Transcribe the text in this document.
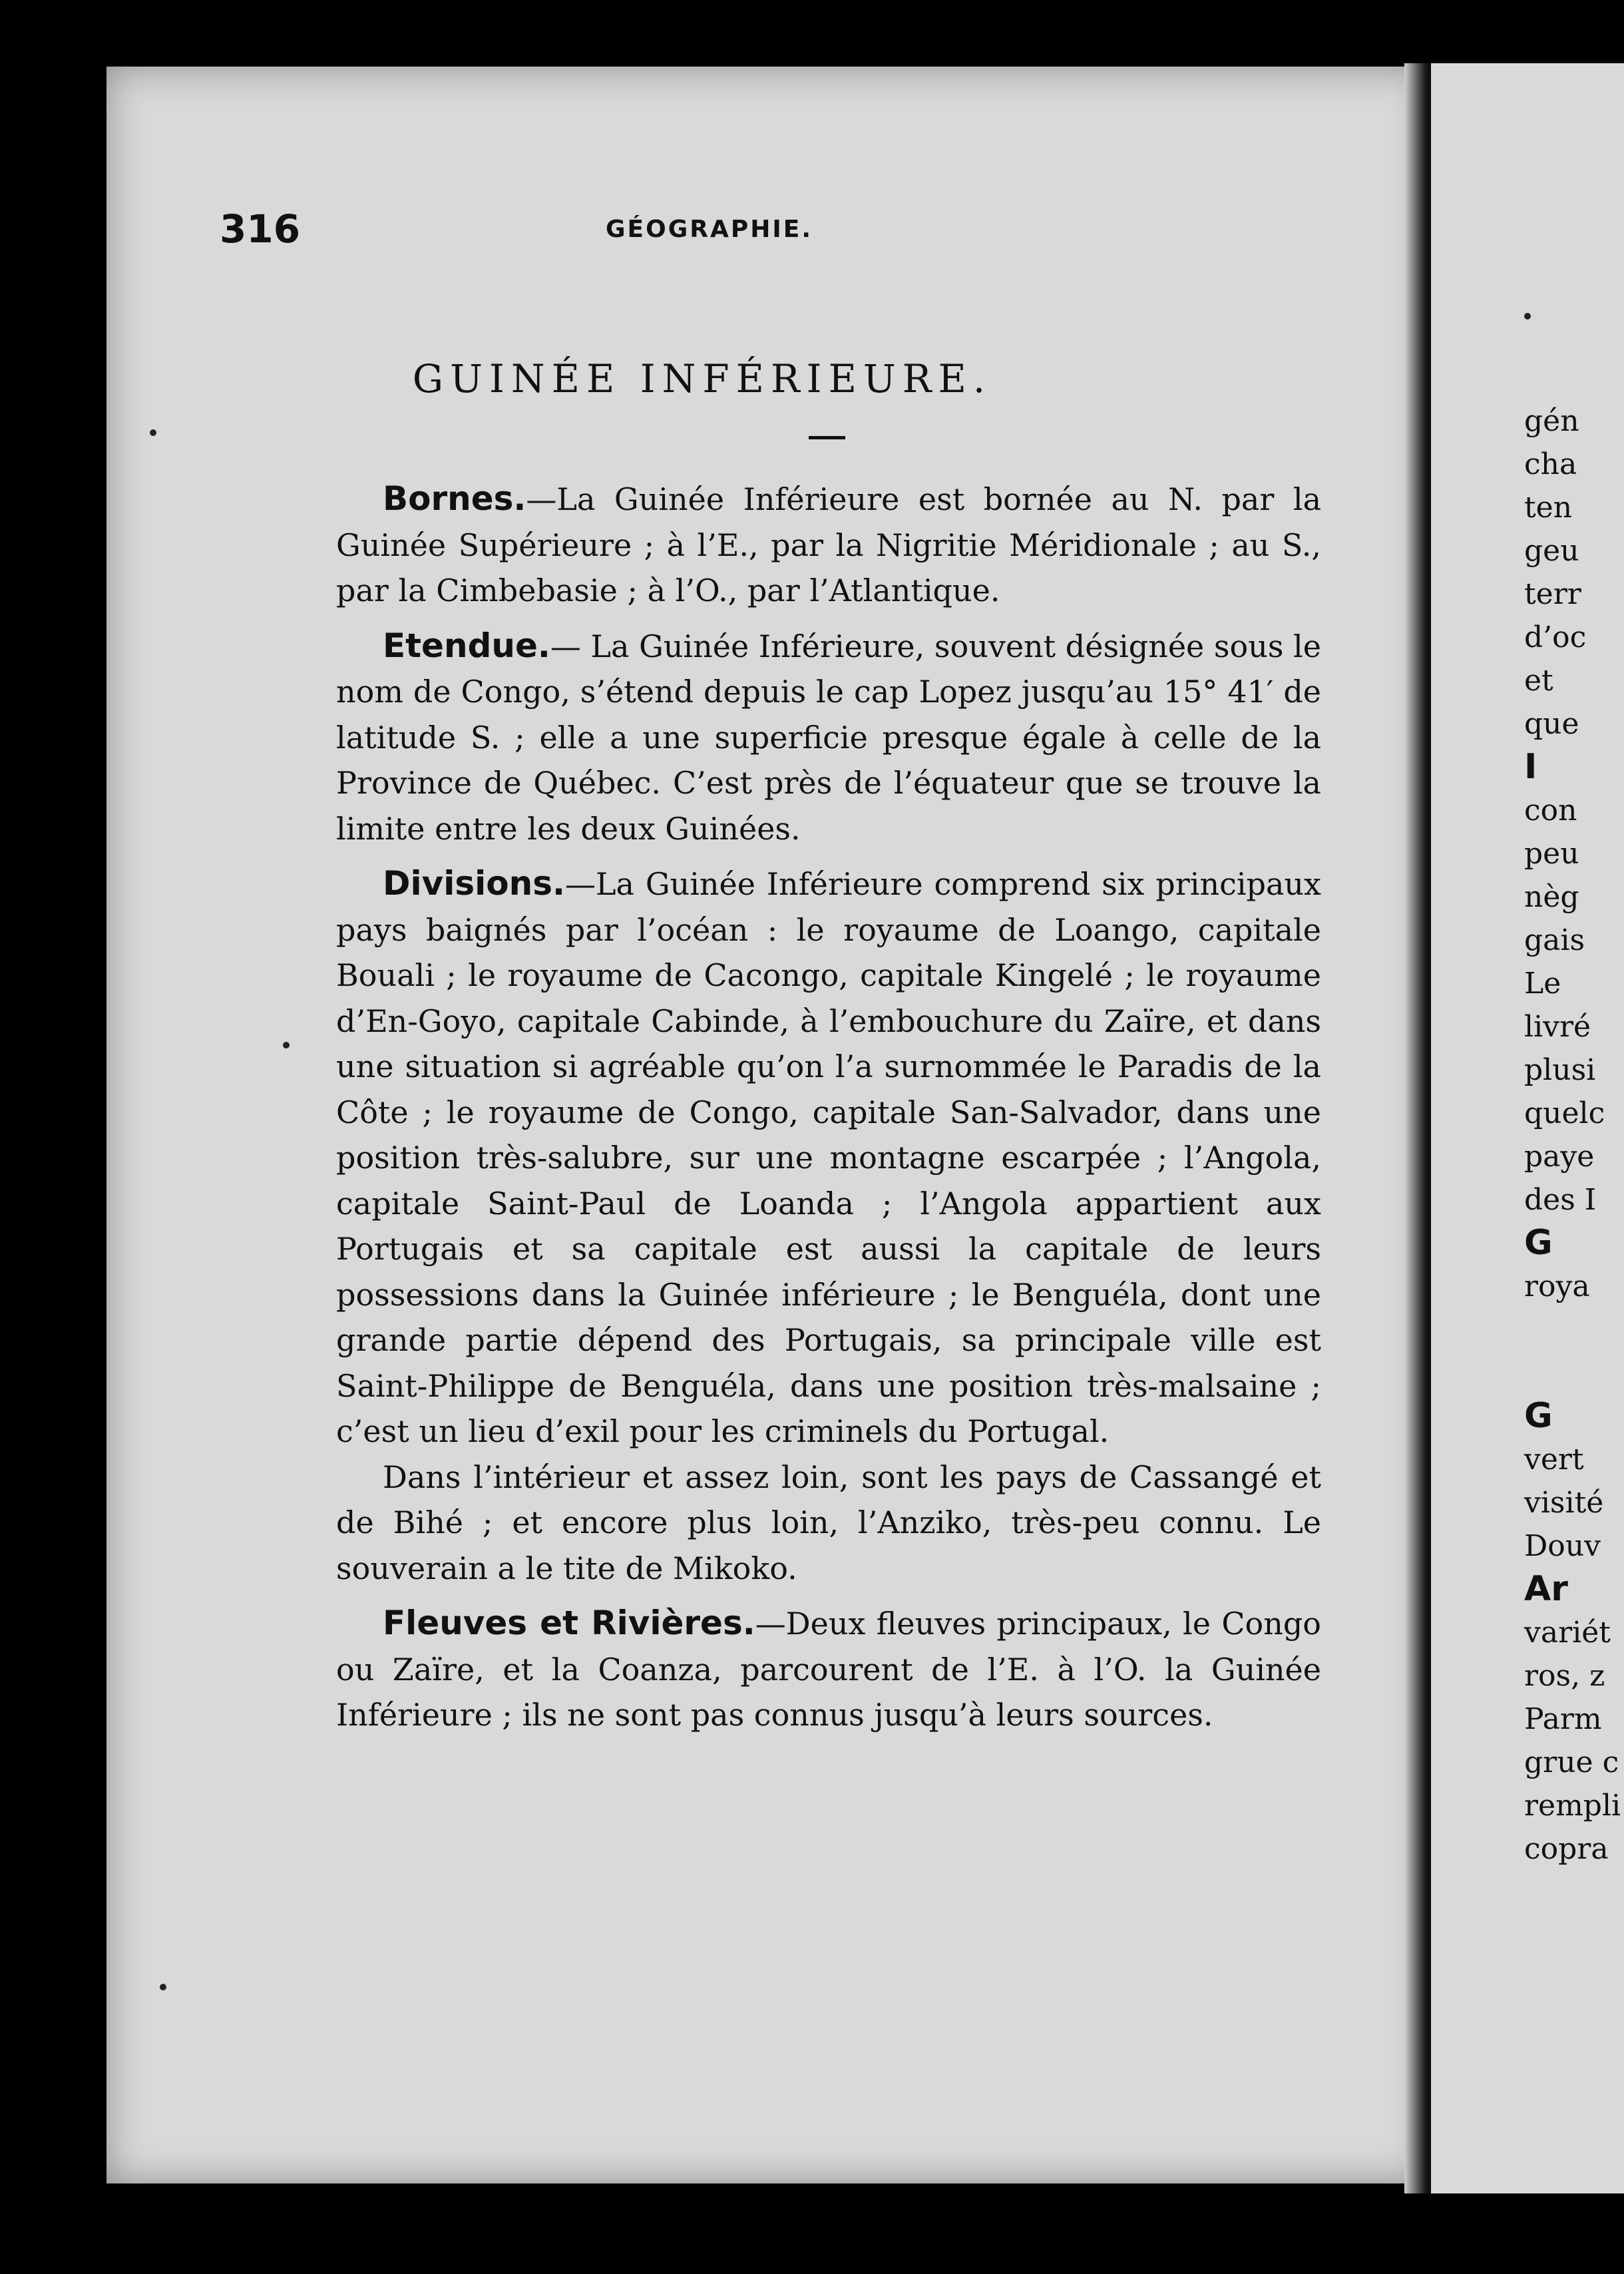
316	GÉOGRAPHIE.
GUINÉE INFÉRIEURE.

Bornes.—La Guinée Inférieure est bornée au N. par la Guinée Supérieure ; à l’E., par la Nigritie Méridionale ; au S., par la Cimbebasie ; à l’O., par l’Atlantique.

Etendue.— La Guinée Inférieure, souvent désignée sous le nom de Congo, s’étend depuis le cap Lopez jusqu’au 15° 41′ de latitude S. ; elle a une superficie presque égale à celle de la Province de Québec. C’est près de l’équateur que se trouve la limite entre les deux Guinées.

Divisions.—La Guinée Inférieure comprend six principaux pays baignés par l’océan : le royaume de Loango, capitale Bouali ; le royaume de Cacongo, capitale Kingelé ; le royaume d’En-Goyo, capitale Cabinde, à l’embouchure du Zaïre, et dans une situation si agréable qu’on l’a surnommée le Paradis de la Côte ; le royaume de Congo, capitale San-Salvador, dans une position très-salubre, sur une montagne escarpée ; l’Angola, capitale Saint-Paul de Loanda ; l’Angola appartient aux Portugais et sa capitale est aussi la capitale de leurs possessions dans la Guinée inférieure ; le Benguéla, dont une grande partie dépend des Portugais, sa principale ville est Saint-Philippe de Benguéla, dans une position très-malsaine ; c’est un lieu d’exil pour les criminels du Portugal.

Dans l’intérieur et assez loin, sont les pays de Cassangé et de Bihé ; et encore plus loin, l’Anziko, très-peu connu. Le souverain a le tite de Mikoko.

Fleuves et Rivières.—Deux fleuves principaux, le Congo ou Zaïre, et la Coanza, parcourent de l’E. à l’O. la Guinée Inférieure ; ils ne sont pas connus jusqu’à leurs sources.

gén
cha
ten
geu
terr
d’oc
et
que
I
con
peu
nèg
gais
Le
livré
plusi
quelc
paye
des I
G
roya
G
vert
visité
Douv
Ar
variét
ros, z
Parm
grue c
rempli
copra
